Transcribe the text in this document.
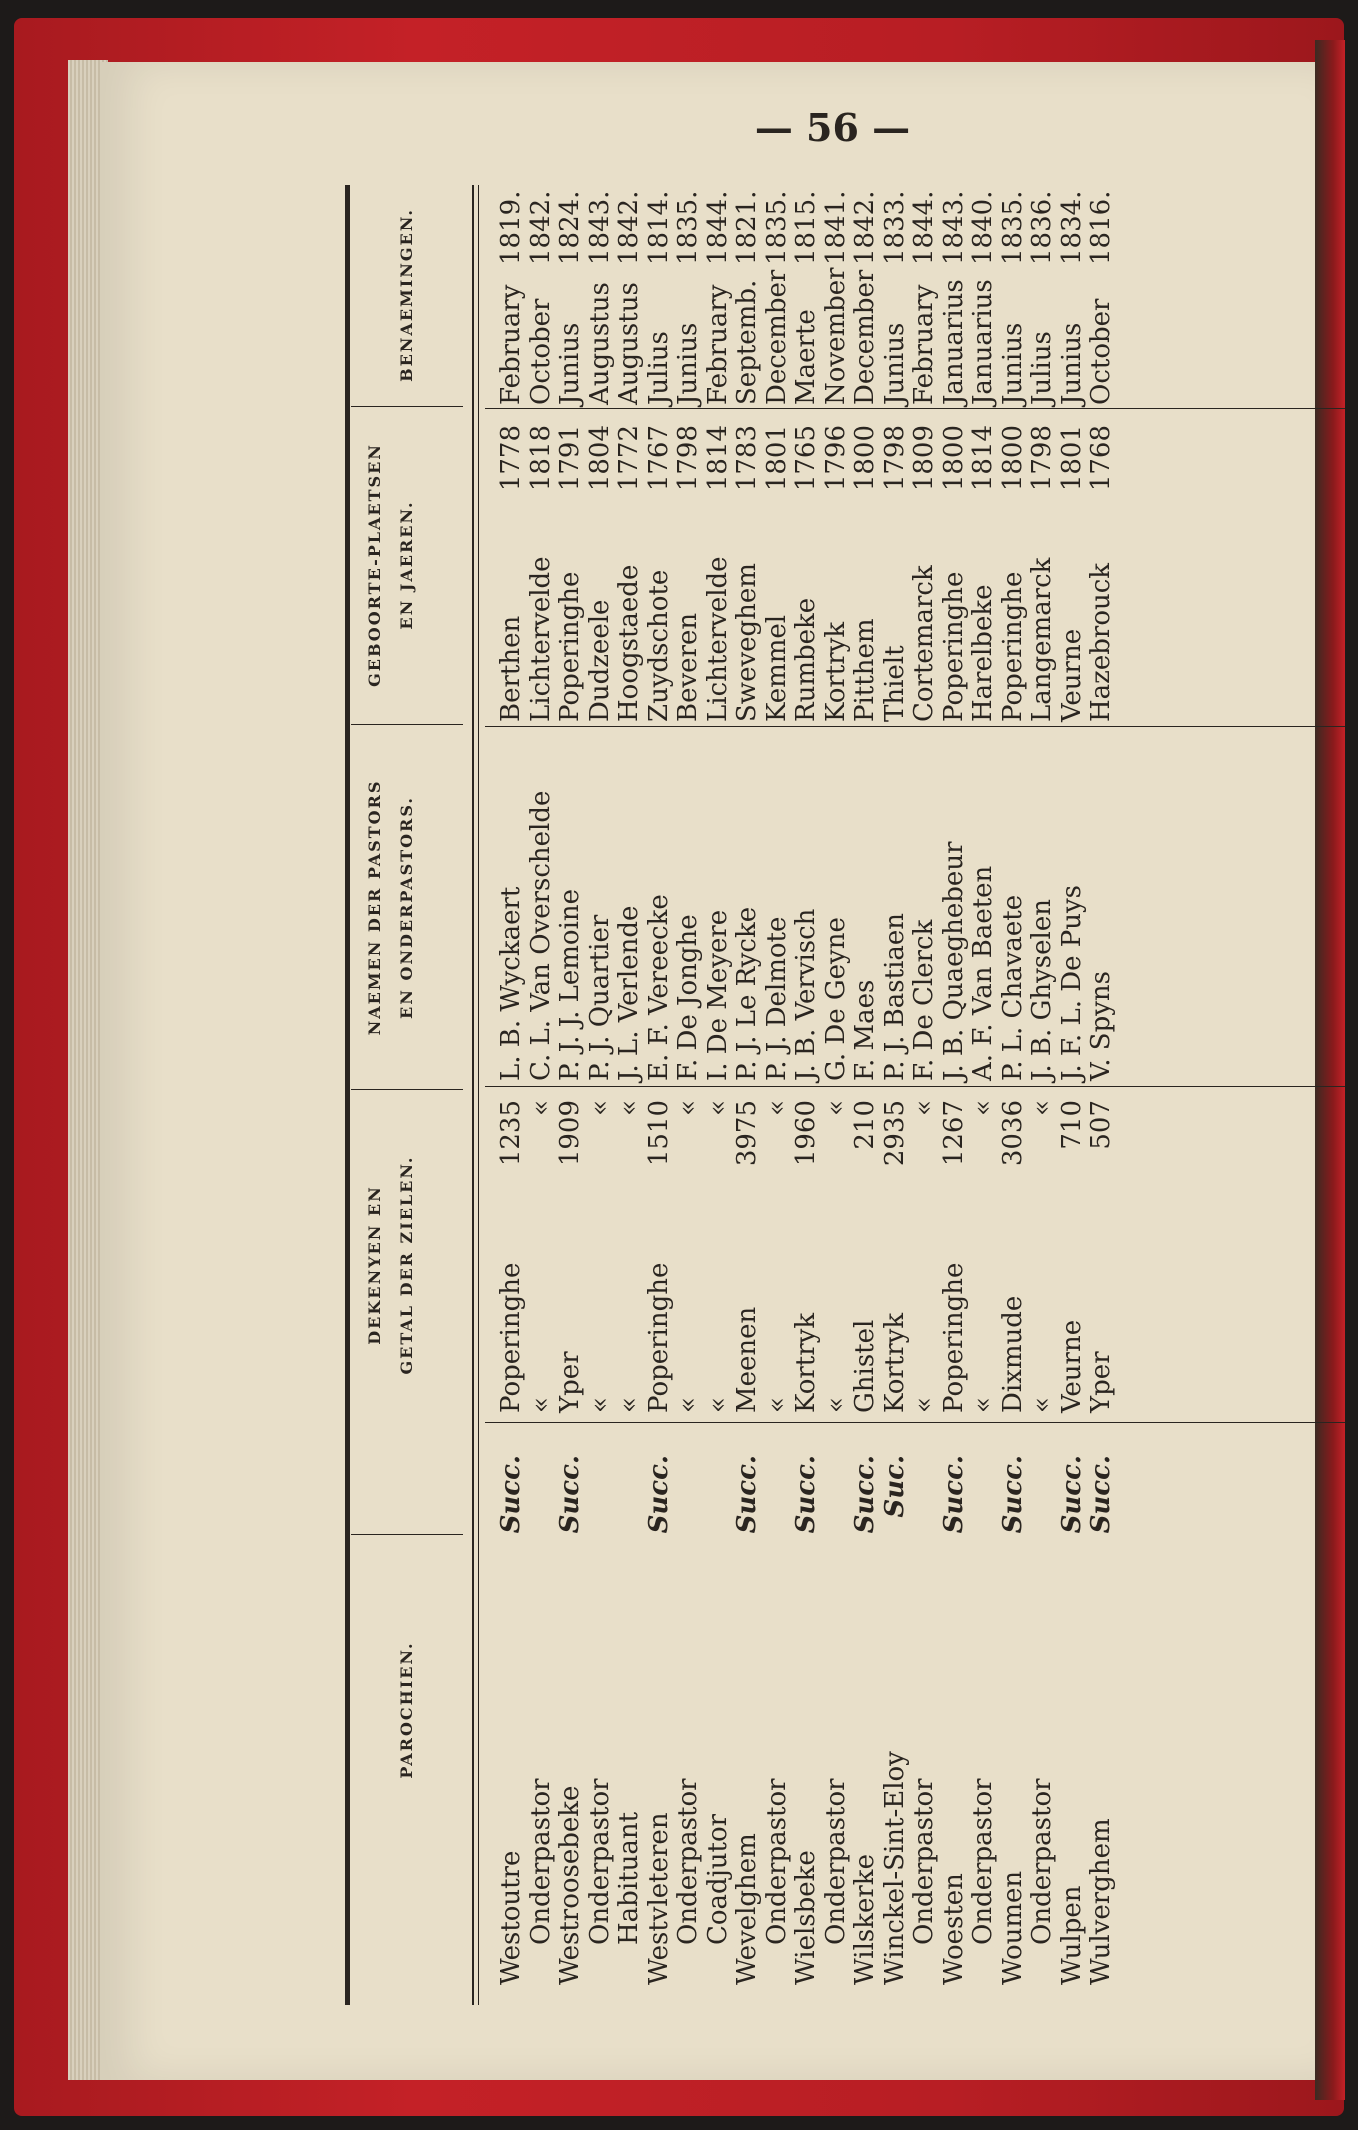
— 56 —
PAROCHIEN.
DEKENYEN EN GETAL DER ZIELEN.
NAEMEN DER PASTORS EN ONDERPASTORS.
GEBOORTE-PLAETSEN EN JAEREN.
BENAEMINGEN.
Westoutre
Succ.
Poperinghe
1235
L. B. Wyckaert
Berthen
1778
February
1819.
Onderpastor
«
«
C. L. Van Overschelde
Lichtervelde
1818
October
1842.
Westroosebeke
Succ.
Yper
1909
P. J. J. Lemoine
Poperinghe
1791
Junius
1824.
Onderpastor
«
«
P. J. Quartier
Dudzeele
1804
Augustus
1843.
Habituant
«
«
J. L. Verlende
Hoogstaede
1772
Augustus
1842.
Westvleteren
Succ.
Poperinghe
1510
E. F. Vereecke
Zuydschote
1767
Julius
1814.
Onderpastor
«
«
F. De Jonghe
Beveren
1798
Junius
1835.
Coadjutor
«
«
I. De Meyere
Lichtervelde
1814
February
1844.
Wevelghem
Succ.
Meenen
3975
P. J. Le Rycke
Sweveghem
1783
Septemb.
1821.
Onderpastor
«
«
P. J. Delmote
Kemmel
1801
December
1835.
Wielsbeke
Succ.
Kortryk
1960
J. B. Vervisch
Rumbeke
1765
Maerte
1815.
Onderpastor
«
«
G. De Geyne
Kortryk
1796
November
1841.
Wilskerke
Succ.
Ghistel
210
F. Maes
Pitthem
1800
December
1842.
Winckel-Sint-Eloy
Suc.
Kortryk
2935
P. J. Bastiaen
Thielt
1798
Junius
1833.
Onderpastor
«
«
F. De Clerck
Cortemarck
1809
February
1844.
Woesten
Succ.
Poperinghe
1267
J. B. Quaeghebeur
Poperinghe
1800
Januarius
1843.
Onderpastor
«
«
A. F. Van Baeten
Harelbeke
1814
Januarius
1840.
Woumen
Succ.
Dixmude
3036
P. L. Chavaete
Poperinghe
1800
Junius
1835.
Onderpastor
«
«
J. B. Ghyselen
Langemarck
1798
Julius
1836.
Wulpen
Succ.
Veurne
710
J. F. L. De Puys
Veurne
1801
Junius
1834.
Wulverghem
Succ.
Yper
507
V. Spyns
Hazebrouck
1768
October
1816.
